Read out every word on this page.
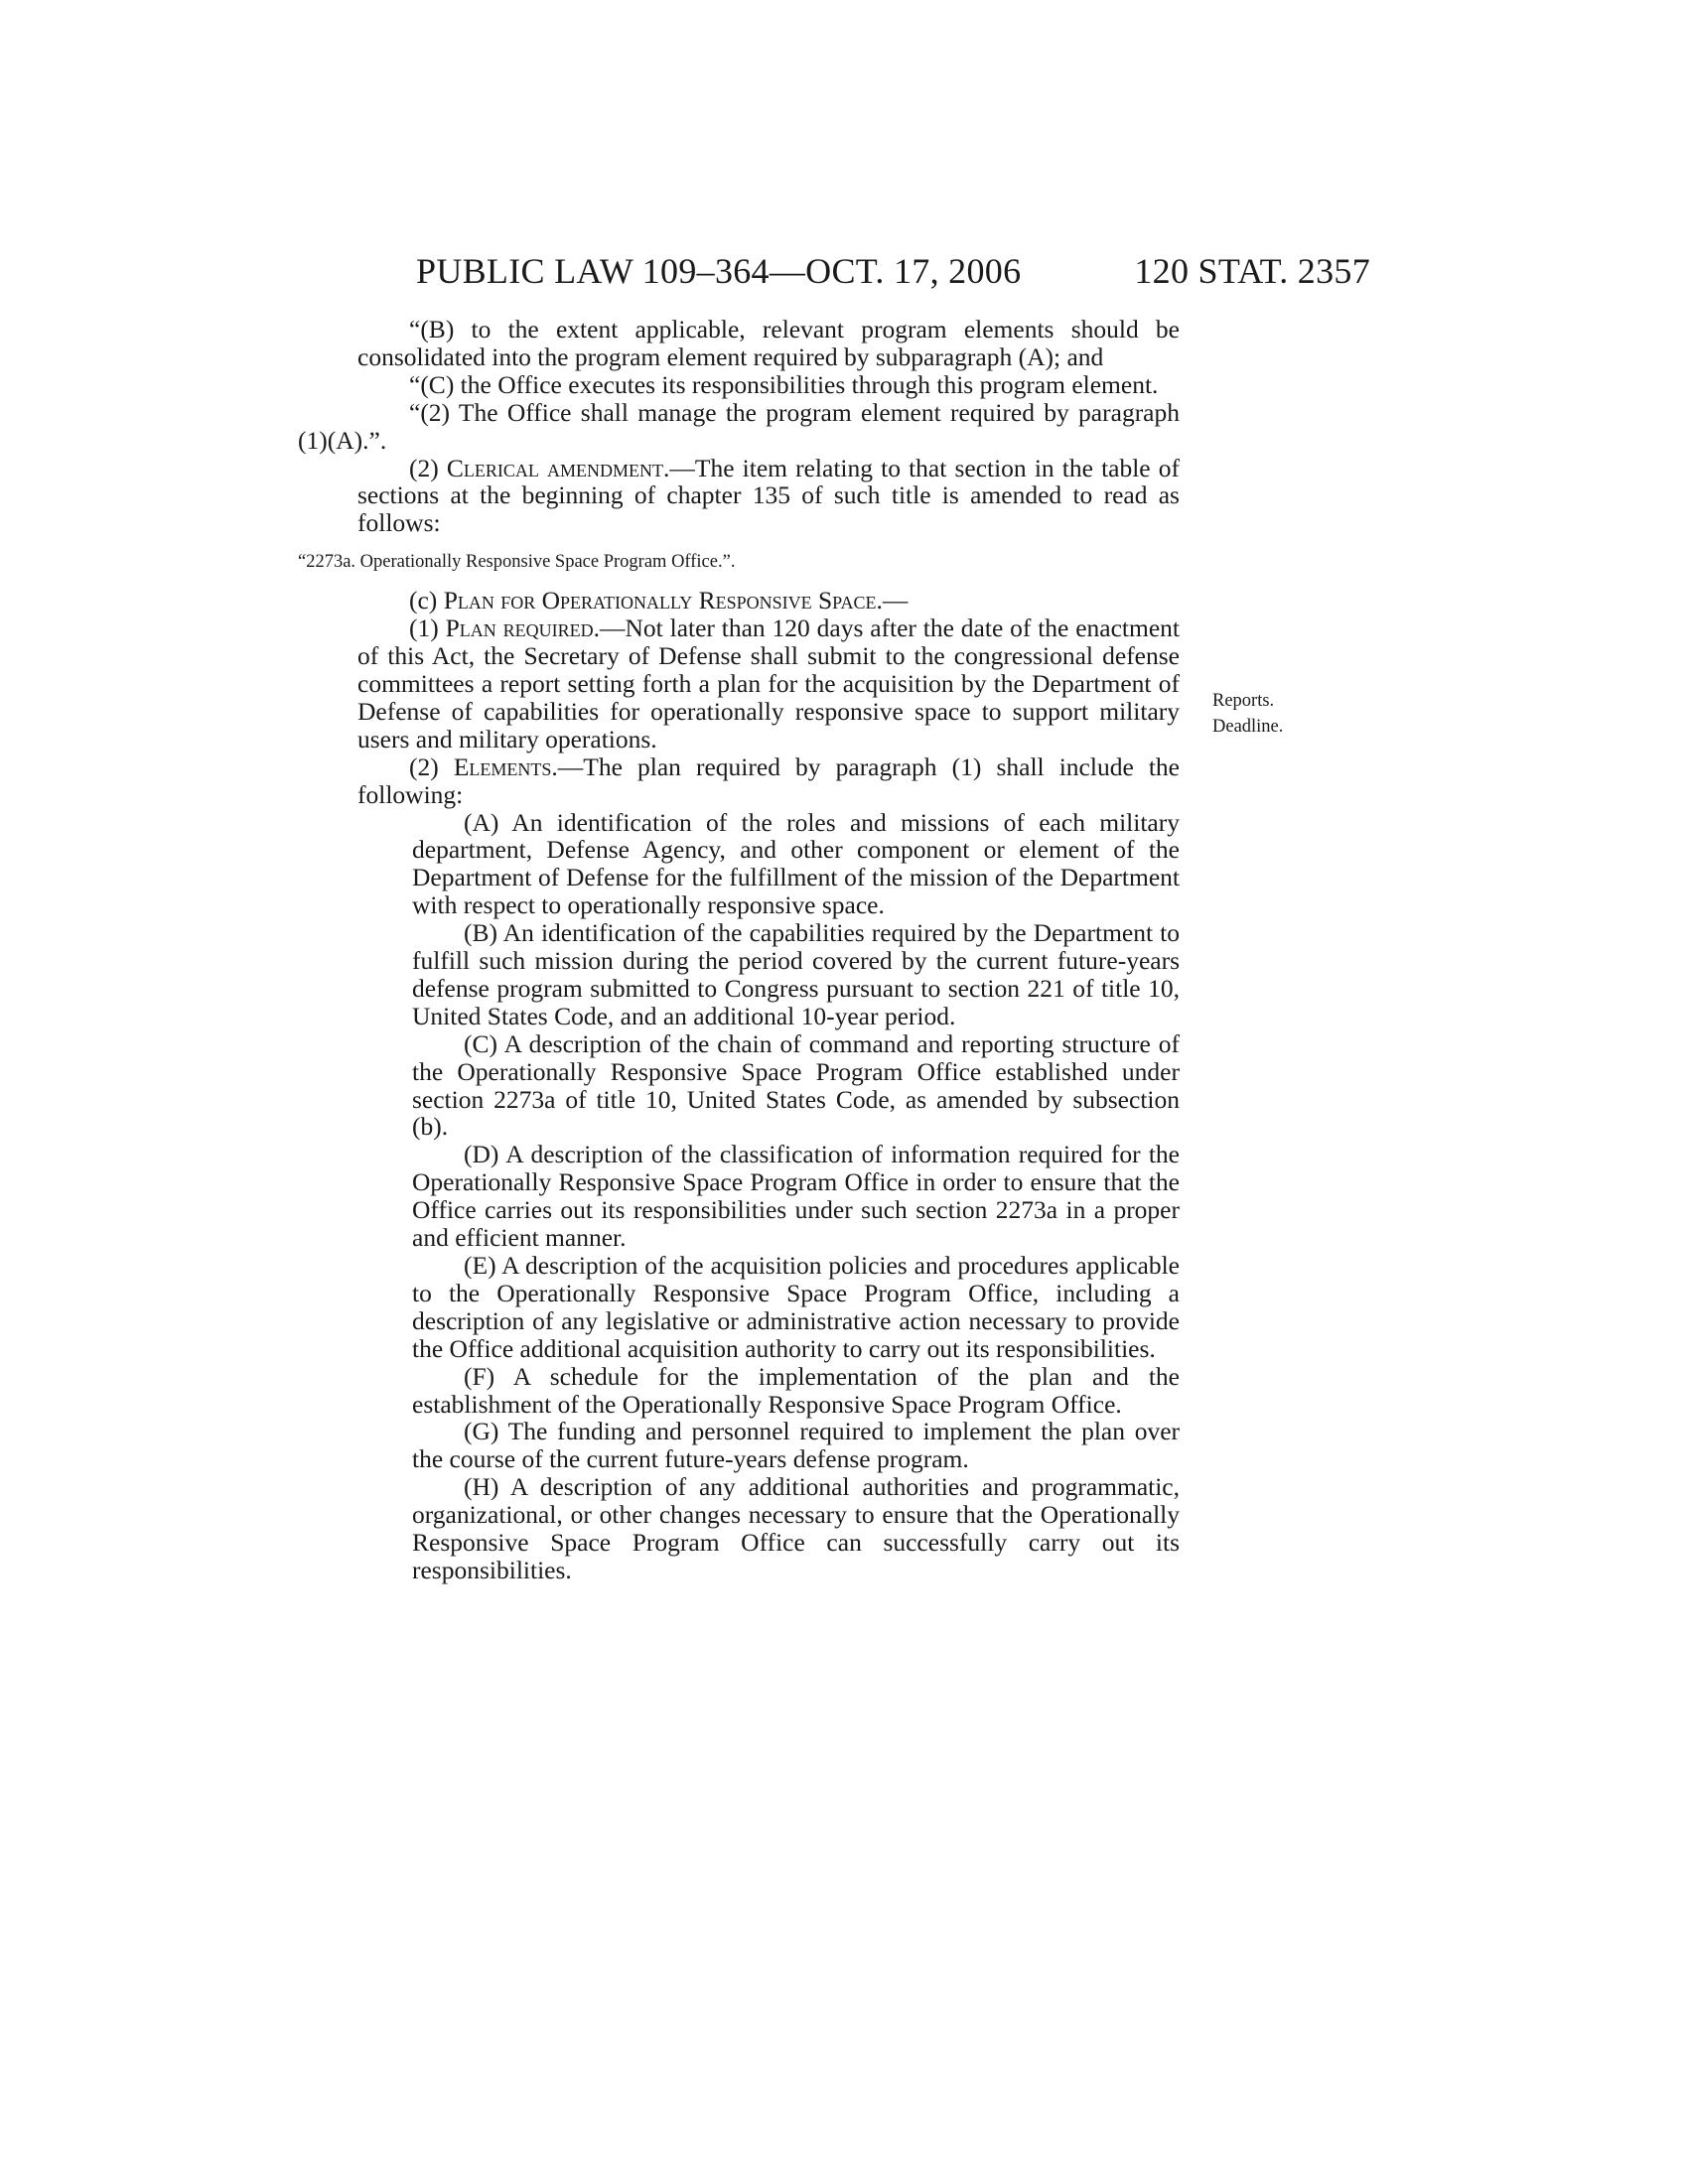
PUBLIC LAW 109–364—OCT. 17, 2006	120 STAT. 2357
Reports.
Deadline.

“(B) to the extent applicable, relevant program elements should be consolidated into the program element required by subparagraph (A); and

“(C) the Office executes its responsibilities through this program element.

“(2) The Office shall manage the program element required by paragraph (1)(A).”.

(2) Clerical amendment.—The item relating to that section in the table of sections at the beginning of chapter 135 of such title is amended to read as follows:

“2273a. Operationally Responsive Space Program Office.”.

(c) Plan for Operationally Responsive Space.—

(1) Plan required.—Not later than 120 days after the date of the enactment of this Act, the Secretary of Defense shall submit to the congressional defense committees a report setting forth a plan for the acquisition by the Department of Defense of capabilities for operationally responsive space to support military users and military operations.

(2) Elements.—The plan required by paragraph (1) shall include the following:

(A) An identification of the roles and missions of each military department, Defense Agency, and other component or element of the Department of Defense for the fulfillment of the mission of the Department with respect to operationally responsive space.

(B) An identification of the capabilities required by the Department to fulfill such mission during the period covered by the current future-years defense program submitted to Congress pursuant to section 221 of title 10, United States Code, and an additional 10-year period.

(C) A description of the chain of command and reporting structure of the Operationally Responsive Space Program Office established under section 2273a of title 10, United States Code, as amended by subsection (b).

(D) A description of the classification of information required for the Operationally Responsive Space Program Office in order to ensure that the Office carries out its responsibilities under such section 2273a in a proper and efficient manner.

(E) A description of the acquisition policies and procedures applicable to the Operationally Responsive Space Program Office, including a description of any legislative or administrative action necessary to provide the Office additional acquisition authority to carry out its responsibilities.

(F) A schedule for the implementation of the plan and the establishment of the Operationally Responsive Space Program Office.

(G) The funding and personnel required to implement the plan over the course of the current future-years defense program.

(H) A description of any additional authorities and programmatic, organizational, or other changes necessary to ensure that the Operationally Responsive Space Program Office can successfully carry out its responsibilities.
